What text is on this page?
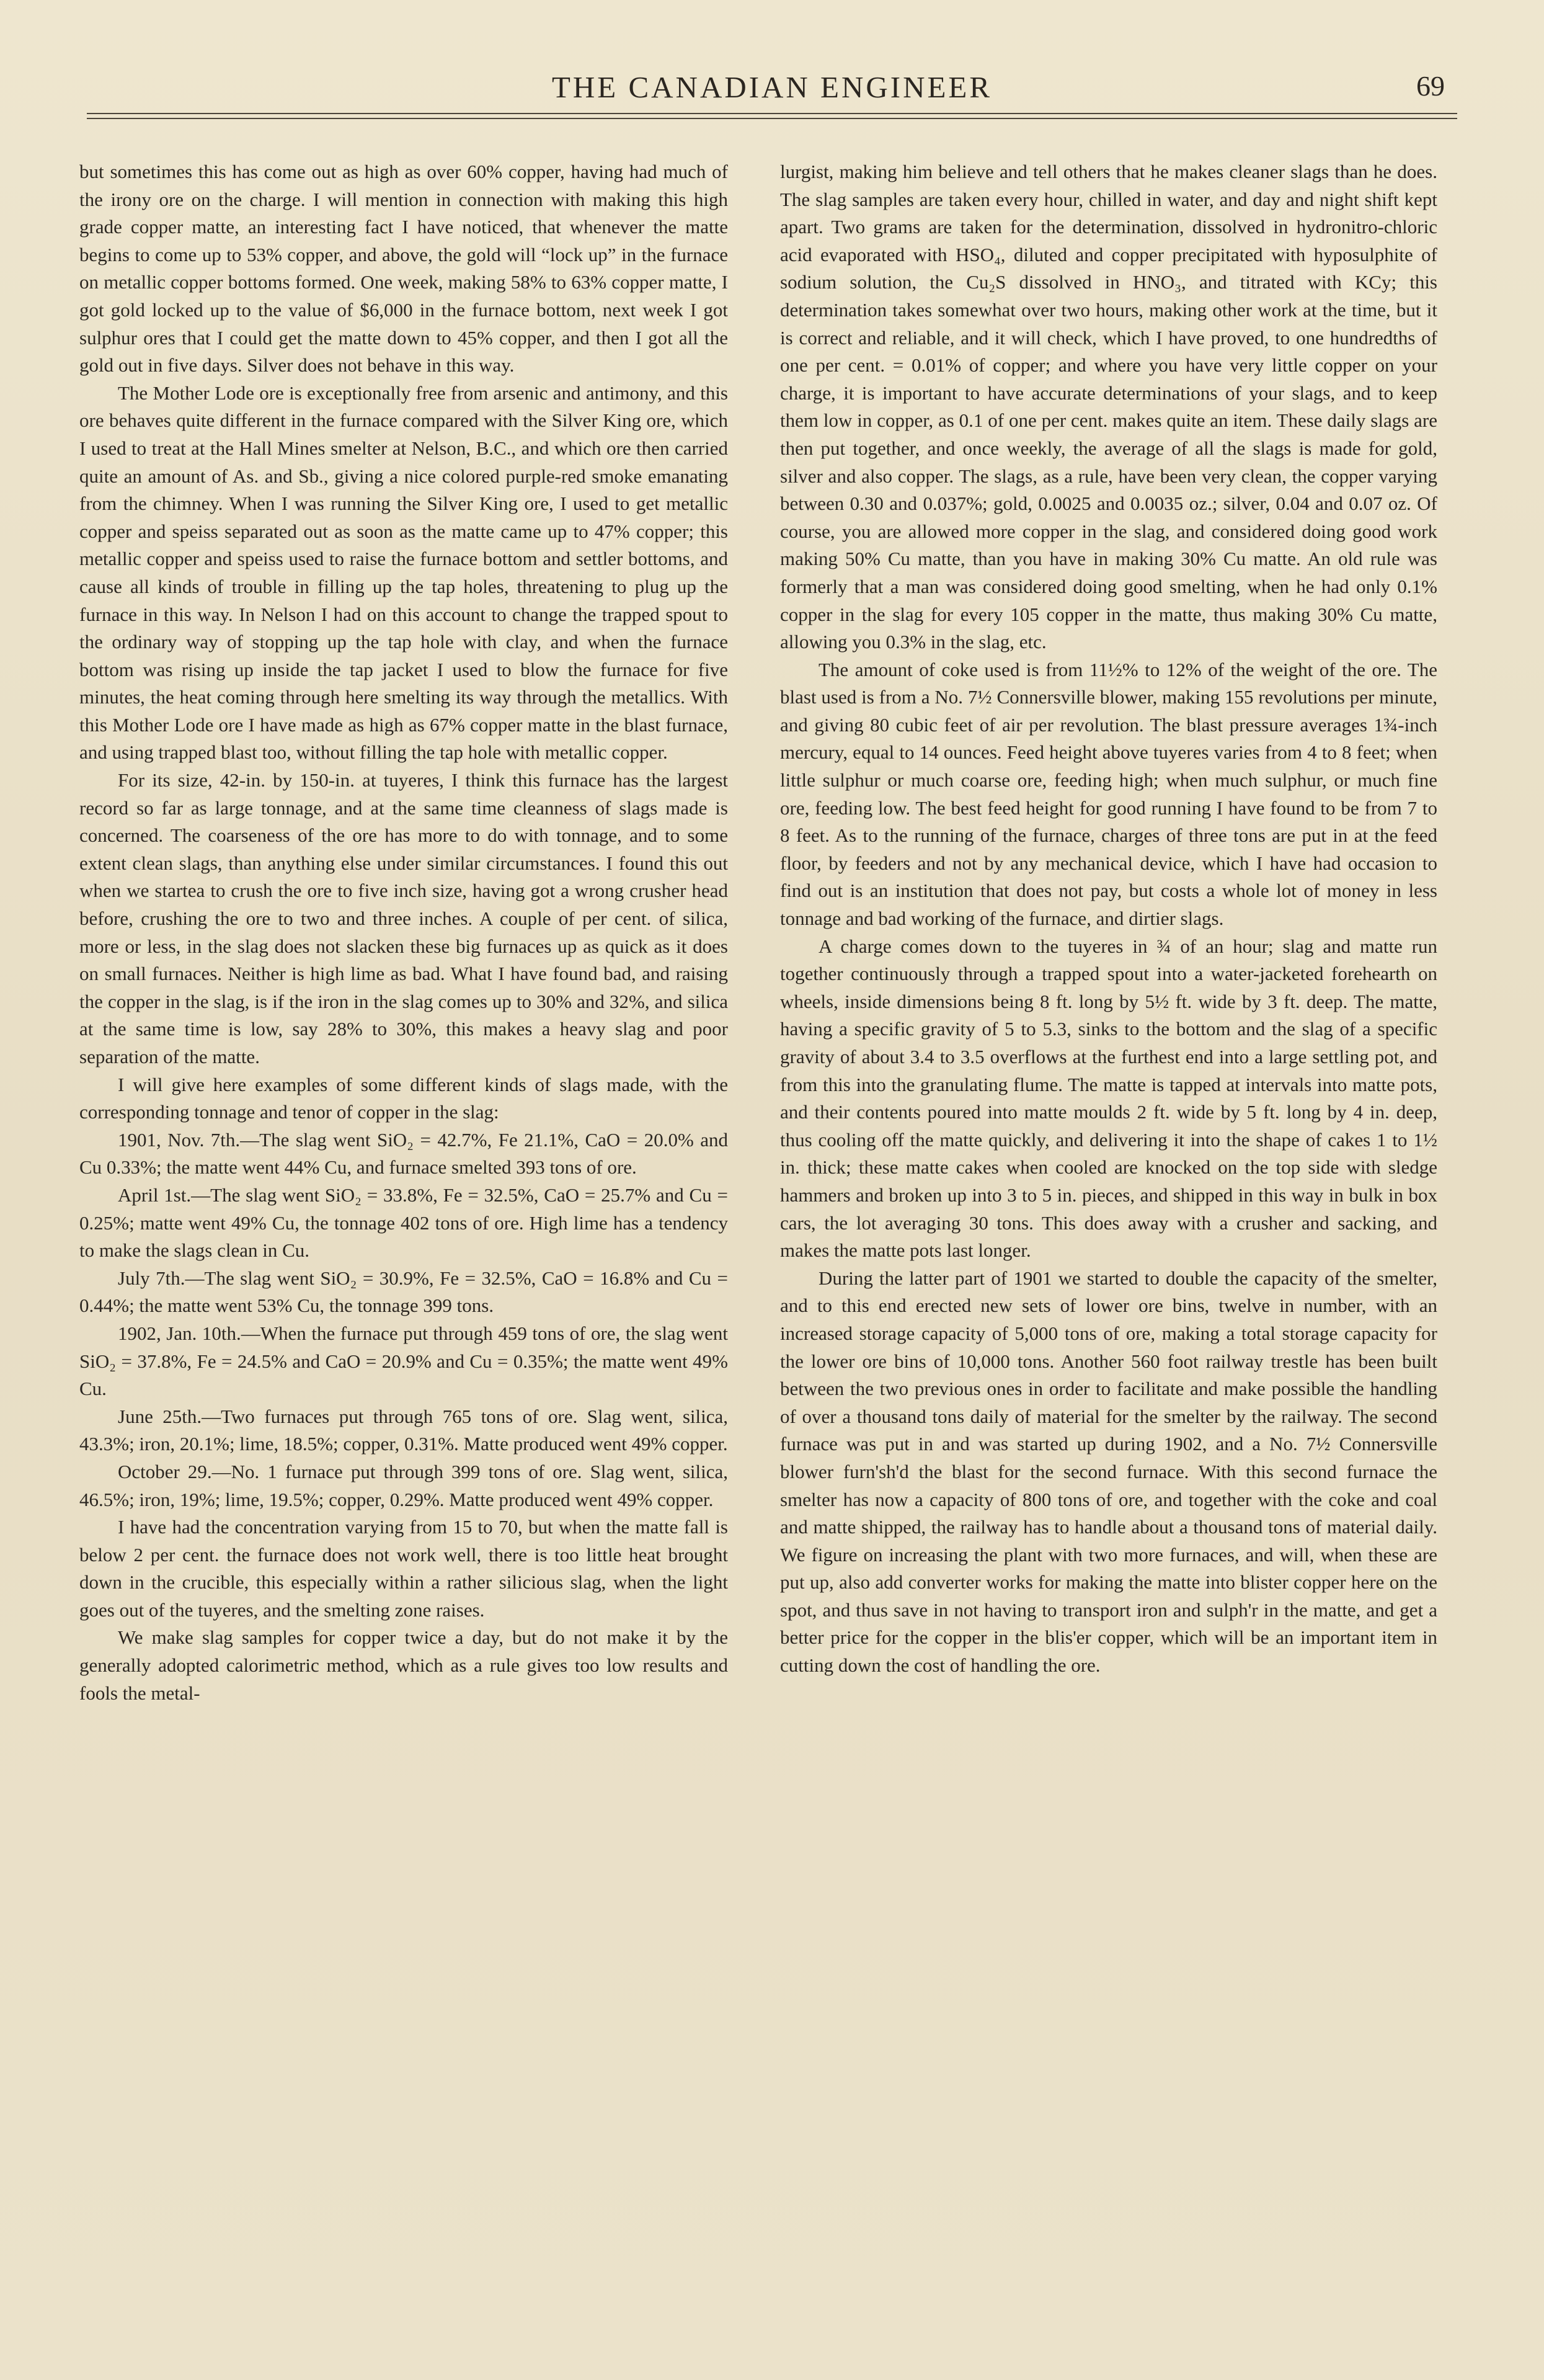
THE CANADIAN ENGINEER	69

but sometimes this has come out as high as over 60% copper, having had much of the irony ore on the charge. I will mention in connection with making this high grade copper matte, an interesting fact I have noticed, that whenever the matte begins to come up to 53% copper, and above, the gold will “lock up” in the furnace on metallic copper bottoms formed. One week, making 58% to 63% copper matte, I got gold locked up to the value of $6,000 in the furnace bottom, next week I got sulphur ores that I could get the matte down to 45% copper, and then I got all the gold out in five days. Silver does not behave in this way.

The Mother Lode ore is exceptionally free from arsenic and antimony, and this ore behaves quite different in the furnace compared with the Silver King ore, which I used to treat at the Hall Mines smelter at Nelson, B.C., and which ore then carried quite an amount of As. and Sb., giving a nice colored purple-red smoke emanating from the chimney. When I was running the Silver King ore, I used to get metallic copper and speiss separated out as soon as the matte came up to 47% copper; this metallic copper and speiss used to raise the furnace bottom and settler bottoms, and cause all kinds of trouble in filling up the tap holes, threatening to plug up the furnace in this way. In Nelson I had on this account to change the trapped spout to the ordinary way of stopping up the tap hole with clay, and when the furnace bottom was rising up inside the tap jacket I used to blow the furnace for five minutes, the heat coming through here smelting its way through the metallics. With this Mother Lode ore I have made as high as 67% copper matte in the blast furnace, and using trapped blast too, without filling the tap hole with metallic copper.

For its size, 42-in. by 150-in. at tuyeres, I think this furnace has the largest record so far as large tonnage, and at the same time cleanness of slags made is concerned. The coarseness of the ore has more to do with tonnage, and to some extent clean slags, than anything else under similar circumstances. I found this out when we startea to crush the ore to five inch size, having got a wrong crusher head before, crushing the ore to two and three inches. A couple of per cent. of silica, more or less, in the slag does not slacken these big furnaces up as quick as it does on small furnaces. Neither is high lime as bad. What I have found bad, and raising the copper in the slag, is if the iron in the slag comes up to 30% and 32%, and silica at the same time is low, say 28% to 30%, this makes a heavy slag and poor separation of the matte.

I will give here examples of some different kinds of slags made, with the corresponding tonnage and tenor of copper in the slag:

1901, Nov. 7th.—The slag went SiO₂ = 42.7%, Fe 21.1%, CaO = 20.0% and Cu 0.33%; the matte went 44% Cu, and furnace smelted 393 tons of ore.

April 1st.—The slag went SiO₂ = 33.8%, Fe = 32.5%, CaO = 25.7% and Cu = 0.25%; matte went 49% Cu, the tonnage 402 tons of ore. High lime has a tendency to make the slags clean in Cu.

July 7th.—The slag went SiO₂ = 30.9%, Fe = 32.5%, CaO = 16.8% and Cu = 0.44%; the matte went 53% Cu, the tonnage 399 tons.

1902, Jan. 10th.—When the furnace put through 459 tons of ore, the slag went SiO₂ = 37.8%, Fe = 24.5% and CaO = 20.9% and Cu = 0.35%; the matte went 49% Cu.

June 25th.—Two furnaces put through 765 tons of ore. Slag went, silica, 43.3%; iron, 20.1%; lime, 18.5%; copper, 0.31%. Matte produced went 49% copper.

October 29.—No. 1 furnace put through 399 tons of ore. Slag went, silica, 46.5%; iron, 19%; lime, 19.5%; copper, 0.29%. Matte produced went 49% copper.

I have had the concentration varying from 15 to 70, but when the matte fall is below 2 per cent. the furnace does not work well, there is too little heat brought down in the crucible, this especially within a rather silicious slag, when the light goes out of the tuyeres, and the smelting zone raises.

We make slag samples for copper twice a day, but do not make it by the generally adopted calorimetric method, which as a rule gives too low results and fools the metal-

lurgist, making him believe and tell others that he makes cleaner slags than he does. The slag samples are taken every hour, chilled in water, and day and night shift kept apart. Two grams are taken for the determination, dissolved in hydronitro-chloric acid evaporated with HSO₄, diluted and copper precipitated with hyposulphite of sodium solution, the Cu₂S dissolved in HNO₃, and titrated with KCy; this determination takes somewhat over two hours, making other work at the time, but it is correct and reliable, and it will check, which I have proved, to one hundredths of one per cent. = 0.01% of copper; and where you have very little copper on your charge, it is important to have accurate determinations of your slags, and to keep them low in copper, as 0.1 of one per cent. makes quite an item. These daily slags are then put together, and once weekly, the average of all the slags is made for gold, silver and also copper. The slags, as a rule, have been very clean, the copper varying between 0.30 and 0.037%; gold, 0.0025 and 0.0035 oz.; silver, 0.04 and 0.07 oz. Of course, you are allowed more copper in the slag, and considered doing good work making 50% Cu matte, than you have in making 30% Cu matte. An old rule was formerly that a man was considered doing good smelting, when he had only 0.1% copper in the slag for every 105 copper in the matte, thus making 30% Cu matte, allowing you 0.3% in the slag, etc.

The amount of coke used is from 11½% to 12% of the weight of the ore. The blast used is from a No. 7½ Connersville blower, making 155 revolutions per minute, and giving 80 cubic feet of air per revolution. The blast pressure averages 1¾-inch mercury, equal to 14 ounces. Feed height above tuyeres varies from 4 to 8 feet; when little sulphur or much coarse ore, feeding high; when much sulphur, or much fine ore, feeding low. The best feed height for good running I have found to be from 7 to 8 feet. As to the running of the furnace, charges of three tons are put in at the feed floor, by feeders and not by any mechanical device, which I have had occasion to find out is an institution that does not pay, but costs a whole lot of money in less tonnage and bad working of the furnace, and dirtier slags.

A charge comes down to the tuyeres in ¾ of an hour; slag and matte run together continuously through a trapped spout into a water-jacketed forehearth on wheels, inside dimensions being 8 ft. long by 5½ ft. wide by 3 ft. deep. The matte, having a specific gravity of 5 to 5.3, sinks to the bottom and the slag of a specific gravity of about 3.4 to 3.5 overflows at the furthest end into a large settling pot, and from this into the granulating flume. The matte is tapped at intervals into matte pots, and their contents poured into matte moulds 2 ft. wide by 5 ft. long by 4 in. deep, thus cooling off the matte quickly, and delivering it into the shape of cakes 1 to 1½ in. thick; these matte cakes when cooled are knocked on the top side with sledge hammers and broken up into 3 to 5 in. pieces, and shipped in this way in bulk in box cars, the lot averaging 30 tons. This does away with a crusher and sacking, and makes the matte pots last longer.

During the latter part of 1901 we started to double the capacity of the smelter, and to this end erected new sets of lower ore bins, twelve in number, with an increased storage capacity of 5,000 tons of ore, making a total storage capacity for the lower ore bins of 10,000 tons. Another 560 foot railway trestle has been built between the two previous ones in order to facilitate and make possible the handling of over a thousand tons daily of material for the smelter by the railway. The second furnace was put in and was started up during 1902, and a No. 7½ Connersville blower furn'sh'd the blast for the second furnace. With this second furnace the smelter has now a capacity of 800 tons of ore, and together with the coke and coal and matte shipped, the railway has to handle about a thousand tons of material daily. We figure on increasing the plant with two more furnaces, and will, when these are put up, also add converter works for making the matte into blister copper here on the spot, and thus save in not having to transport iron and sulph'r in the matte, and get a better price for the copper in the blis'er copper, which will be an important item in cutting down the cost of handling the ore.
